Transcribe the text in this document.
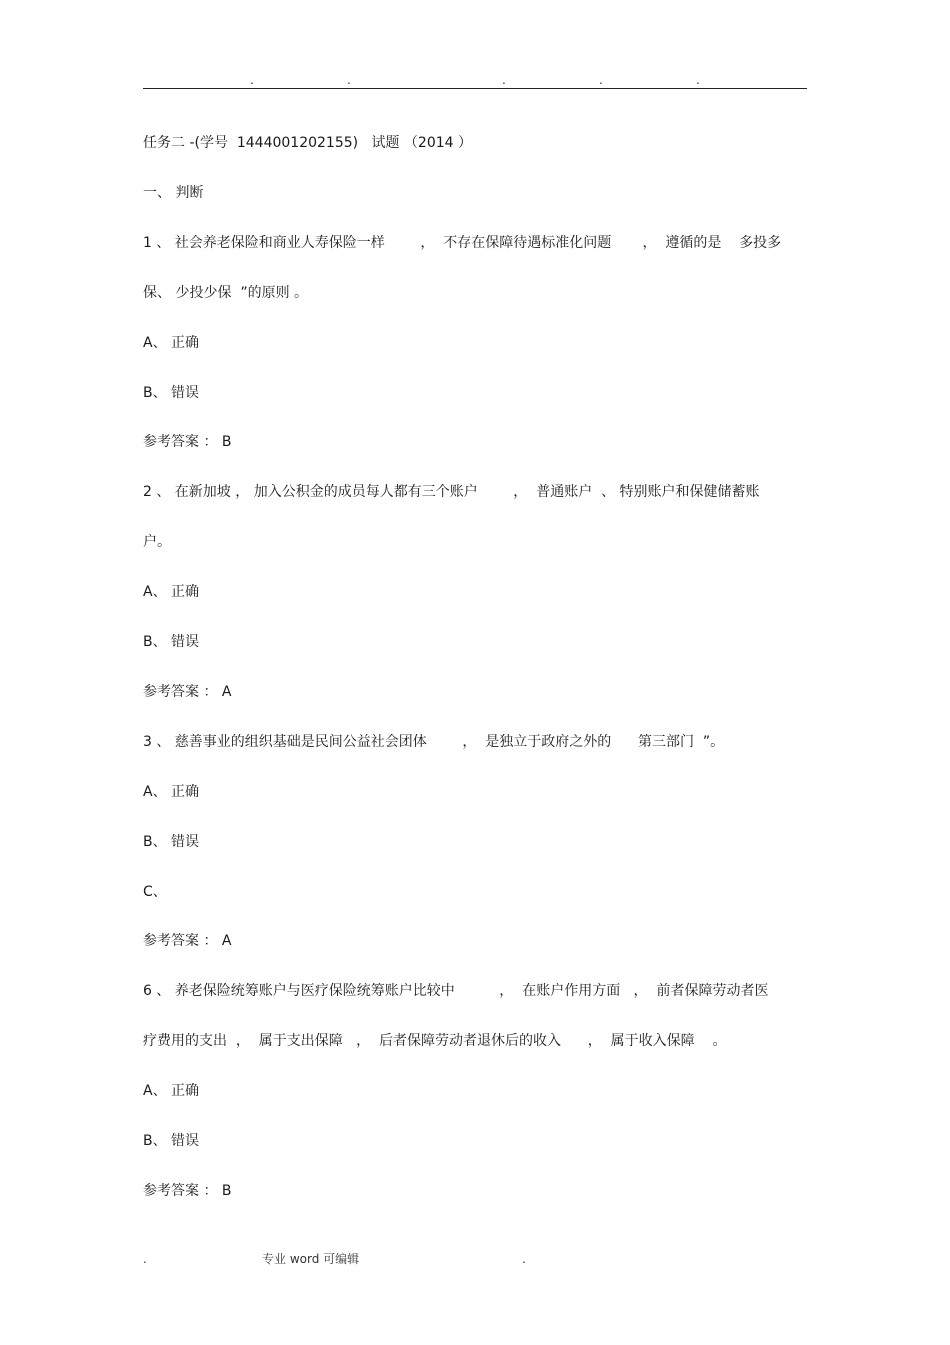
.	.	.	.	.
任务二 -(学号  1444001202155)   试题 （2014 ）
一、 判断
1 、 社会养老保险和商业人寿保险一样        ，  不存在保障待遇标准化问题       ，  遵循的是    多投多
保、 少投少保  ”的原则 。
A、 正确
B、 错误
参考答案 ： B
2 、 在新加坡 ， 加入公积金的成员每人都有三个账户        ，  普通账户  、 特别账户和保健储蓄账
户。
A、 正确
B、 错误
参考答案 ： A
3 、 慈善事业的组织基础是民间公益社会团体        ，  是独立于政府之外的      第三部门  ”。
A、 正确
B、 错误
C、
参考答案 ： A
6 、 养老保险统筹账户与医疗保险统筹账户比较中          ，  在账户作用方面   ，  前者保障劳动者医
疗费用的支出  ，  属于支出保障   ，  后者保障劳动者退休后的收入      ，  属于收入保障    。
A、 正确
B、 错误
参考答案 ： B
.	专业 word 可编辑	.
